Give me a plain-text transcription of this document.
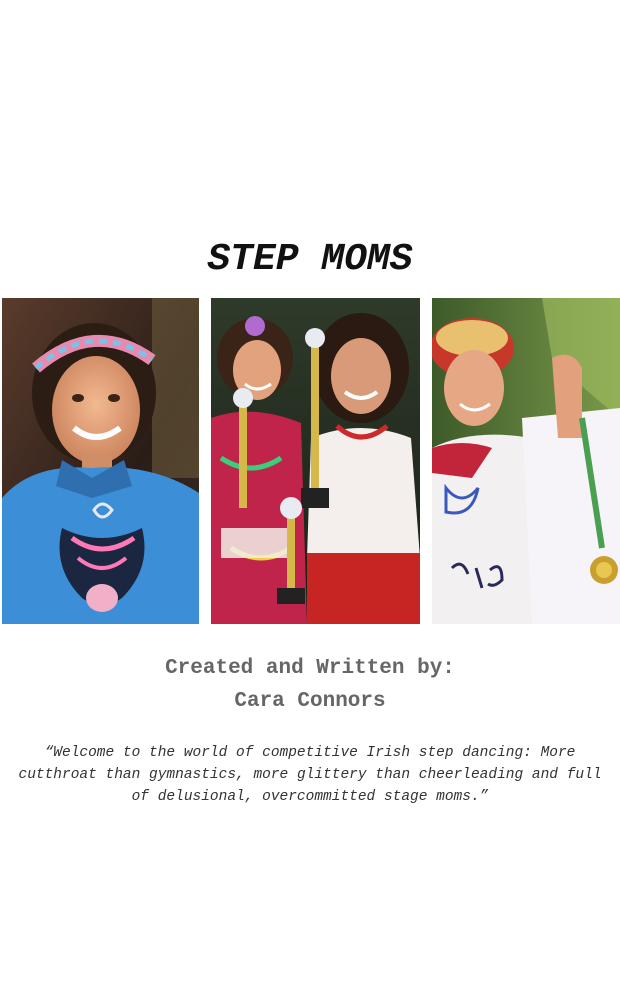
STEP MOMS
Created and Written by:
Cara Connors
“Welcome to the world of competitive Irish step dancing: More cutthroat than gymnastics, more glittery than cheerleading and full of delusional, overcommitted stage moms.”
